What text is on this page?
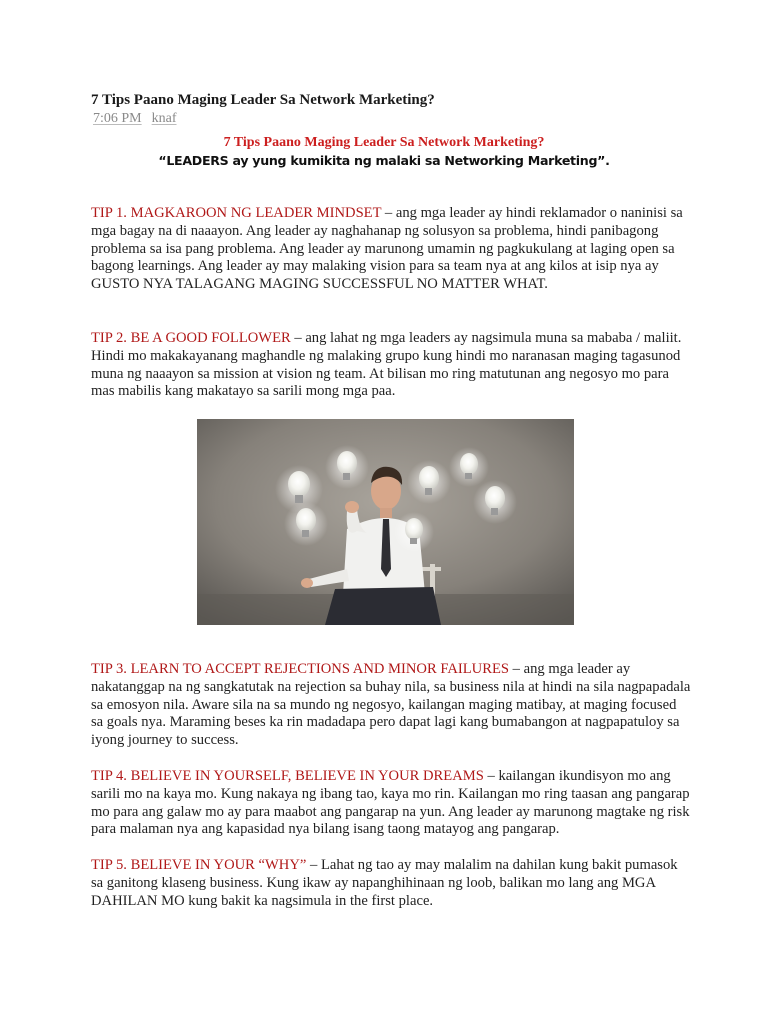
7 Tips Paano Maging Leader Sa Network Marketing?
7:06 PM knaf
7 Tips Paano Maging Leader Sa Network Marketing?
“LEADERS ay yung kumikita ng malaki sa Networking Marketing”.

TIP 1. MAGKAROON NG LEADER MINDSET – ang mga leader ay hindi reklamador o naninisi sa mga bagay na di naaayon. Ang leader ay naghahanap ng solusyon sa problema, hindi panibagong problema sa isa pang problema. Ang leader ay marunong umamin ng pagkukulang at laging open sa bagong learnings. Ang leader ay may malaking vision para sa team nya at ang kilos at isip nya ay GUSTO NYA TALAGANG MAGING SUCCESSFUL NO MATTER WHAT.

TIP 2. BE A GOOD FOLLOWER – ang lahat ng mga leaders ay nagsimula muna sa mababa / maliit. Hindi mo makakayanang maghandle ng malaking grupo kung hindi mo naranasan maging tagasunod muna ng naaayon sa mission at vision ng team. At bilisan mo ring matutunan ang negosyo mo para mas mabilis kang makatayo sa sarili mong mga paa.

TIP 3. LEARN TO ACCEPT REJECTIONS AND MINOR FAILURES – ang mga leader ay nakatanggap na ng sangkatutak na rejection sa buhay nila, sa business nila at hindi na sila nagpapadala sa emosyon nila. Aware sila na sa mundo ng negosyo, kailangan maging matibay, at maging focused sa goals nya. Maraming beses ka rin madadapa pero dapat lagi kang bumabangon at nagpapatuloy sa iyong journey to success.

TIP 4. BELIEVE IN YOURSELF, BELIEVE IN YOUR DREAMS – kailangan ikundisyon mo ang sarili mo na kaya mo. Kung nakaya ng ibang tao, kaya mo rin. Kailangan mo ring taasan ang pangarap mo para ang galaw mo ay para maabot ang pangarap na yun. Ang leader ay marunong magtake ng risk para malaman nya ang kapasidad nya bilang isang taong matayog ang pangarap.

TIP 5. BELIEVE IN YOUR “WHY” – Lahat ng tao ay may malalim na dahilan kung bakit pumasok sa ganitong klaseng business. Kung ikaw ay napanghihinaan ng loob, balikan mo lang ang MGA DAHILAN MO kung bakit ka nagsimula in the first place.
